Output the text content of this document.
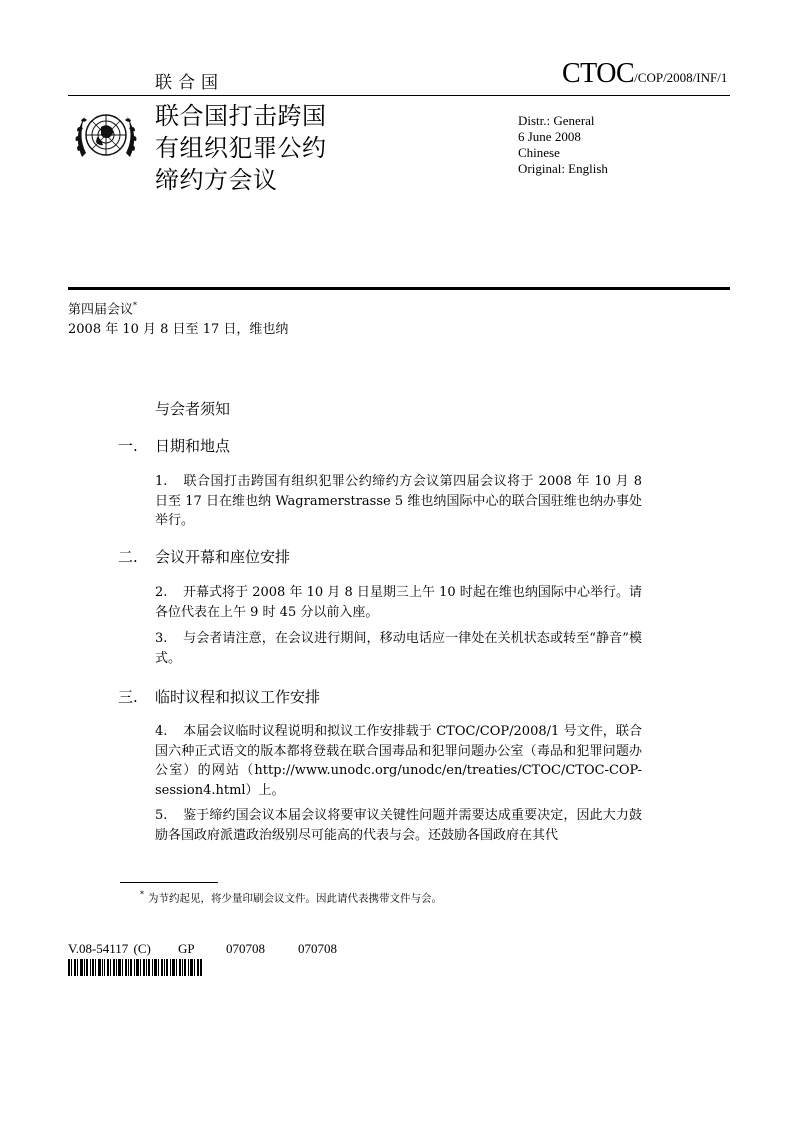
联合国	CTOC/COP/2008/INF/1
联合国打击跨国
有组织犯罪公约
缔约方会议
Distr.: General
6 June 2008
Chinese
Original: English
第四届会议*
2008 年 10 月 8 日至 17 日，维也纳
与会者须知
一. 日期和地点
1. 联合国打击跨国有组织犯罪公约缔约方会议第四届会议将于 2008 年 10 月 8 日至 17 日在维也纳 Wagramerstrasse 5 维也纳国际中心的联合国驻维也纳办事处举行。
二. 会议开幕和座位安排
2. 开幕式将于 2008 年 10 月 8 日星期三上午 10 时起在维也纳国际中心举行。请各位代表在上午 9 时 45 分以前入座。
3. 与会者请注意，在会议进行期间，移动电话应一律处在关机状态或转至“静音”模式。
三. 临时议程和拟议工作安排
4. 本届会议临时议程说明和拟议工作安排载于 CTOC/COP/2008/1 号文件，联合国六种正式语文的版本都将登载在联合国毒品和犯罪问题办公室（毒品和犯罪问题办公室）的网站（http://www.unodc.org/unodc/en/treaties/CTOC/CTOC-COP-session4.html）上。
5. 鉴于缔约国会议本届会议将要审议关键性问题并需要达成重要决定，因此大力鼓励各国政府派遣政治级别尽可能高的代表与会。还鼓励各国政府在其代
* 为节约起见，将少量印刷会议文件。因此请代表携带文件与会。
V.08-54117 (C) GP 070708	070708
